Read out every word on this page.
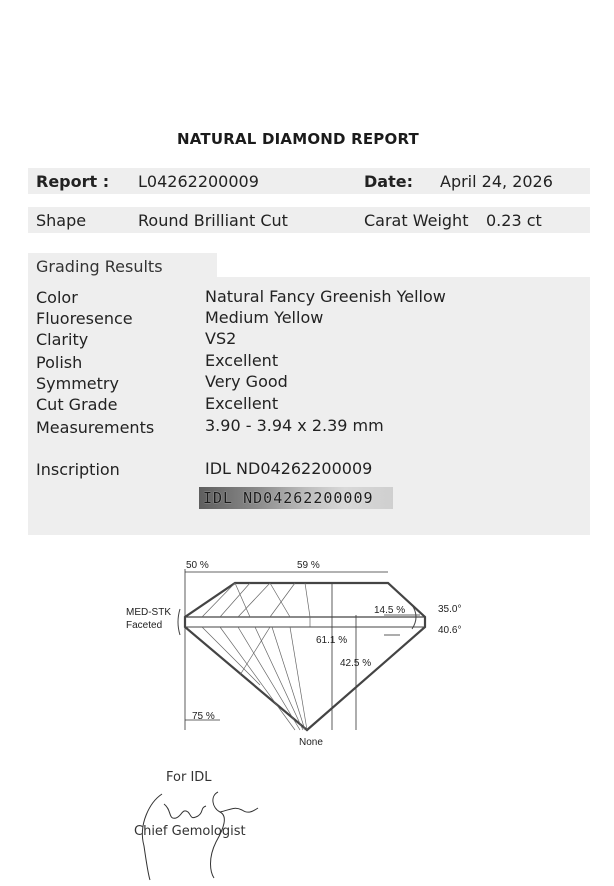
NATURAL DIAMOND REPORT
Report : L04262200009	Date: April 24, 2026
Shape	Round Brilliant Cut	Carat Weight 0.23 ct
Grading Results
Color	Natural Fancy Greenish Yellow
Fluoresence	Medium Yellow
Clarity	VS2
Polish	Excellent
Symmetry	Very Good
Cut Grade	Excellent
Measurements	3.90 - 3.94 x 2.39 mm
Inscription	IDL ND04262200009
IDL ND04262200009
50 %	59 %
MED-STK
Faceted
14.5 %	35.0°
40.6°
61.1 %
42.5 %
75 %
None
For IDL
Chief Gemologist
